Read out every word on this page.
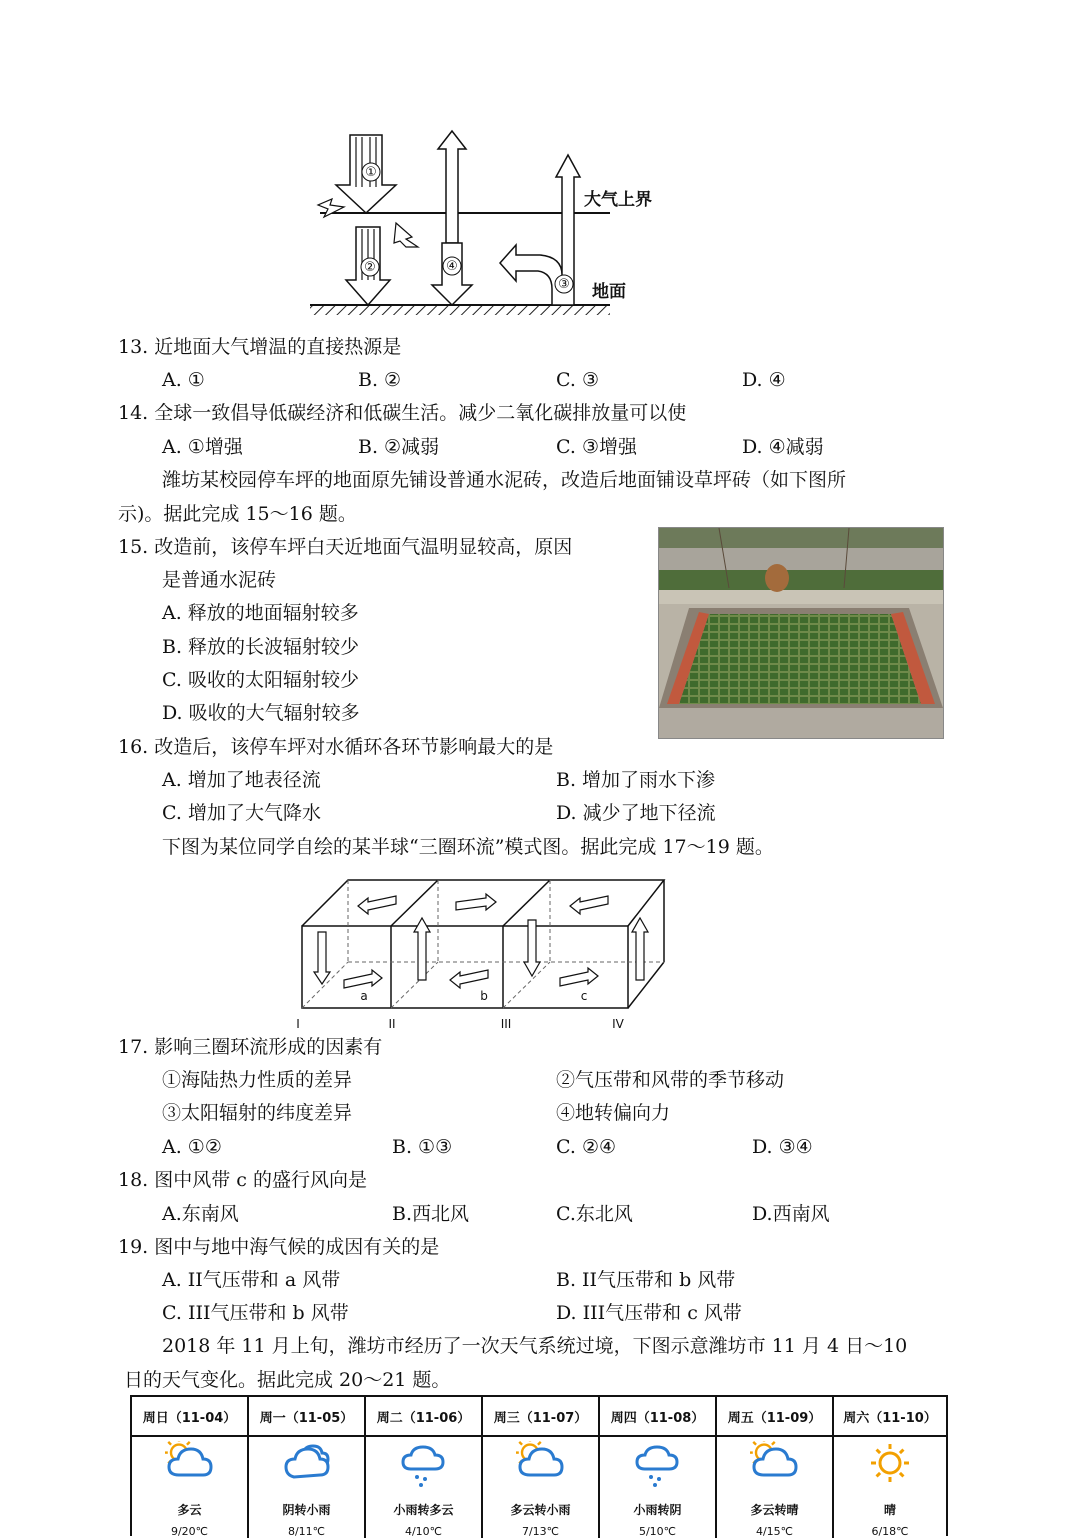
①
②	④
③
大气上界
地面
13. 近地面大气增温的直接热源是
A. ①	B. ②	C. ③	D. ④
14. 全球一致倡导低碳经济和低碳生活。减少二氧化碳排放量可以使
A. ①增强	B. ②减弱	C. ③增强	D. ④减弱
潍坊某校园停车坪的地面原先铺设普通水泥砖，改造后地面铺设草坪砖（如下图所
示)。据此完成 15～16 题。
15. 改造前，该停车坪白天近地面气温明显较高，原因
是普通水泥砖
A. 释放的地面辐射较多
B. 释放的长波辐射较少
C. 吸收的太阳辐射较少
D. 吸收的大气辐射较多
16. 改造后，该停车坪对水循环各环节影响最大的是
A. 增加了地表径流	B. 增加了雨水下渗
C. 增加了大气降水	D. 减少了地下径流
下图为某位同学自绘的某半球“三圈环流”模式图。据此完成 17～19 题。
a	b	c
I	II	III	IV
17. 影响三圈环流形成的因素有
①海陆热力性质的差异	②气压带和风带的季节移动
③太阳辐射的纬度差异	④地转偏向力
A. ①②	B. ①③	C. ②④	D. ③④
18. 图中风带 c 的盛行风向是
A.东南风	B.西北风	C.东北风	D.西南风
19. 图中与地中海气候的成因有关的是
A. II气压带和 a 风带	B. II气压带和 b 风带
C. III气压带和 b 风带	D. III气压带和 c 风带
2018 年 11 月上旬，潍坊市经历了一次天气系统过境，下图示意潍坊市 11 月 4 日～10
日的天气变化。据此完成 20～21 题。
周日（11-04）
多云
9/20℃
周一（11-05）
阴转小雨
8/11℃
周二（11-06）
小雨转多云
4/10℃
周三（11-07）
多云转小雨
7/13℃
周四（11-08）
小雨转阴
5/10℃
周五（11-09）
多云转晴
4/15℃
周六（11-10）
晴
6/18℃
